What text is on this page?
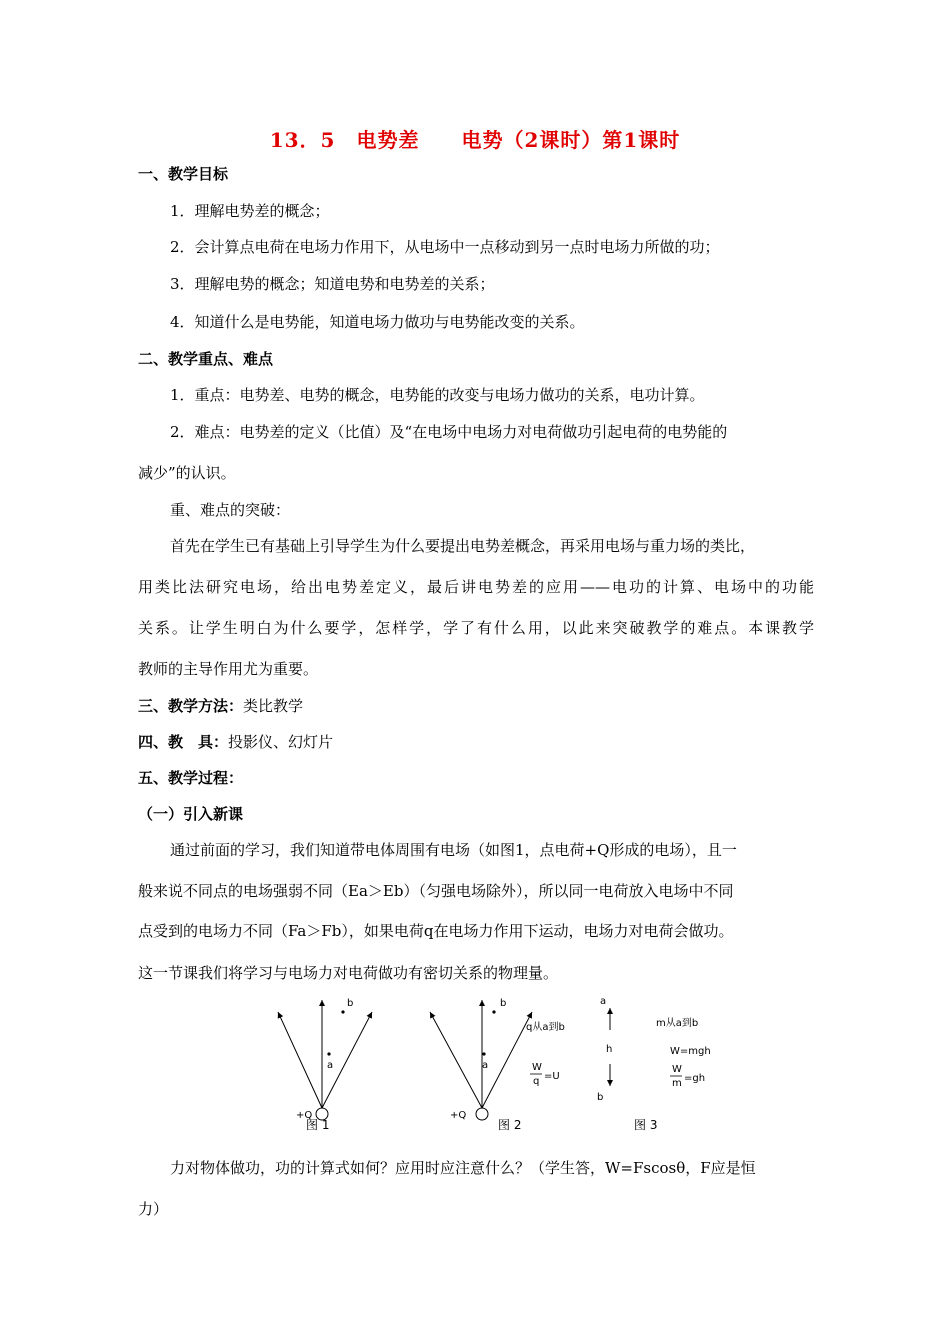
13．5　电势差　　电势（2课时）第1课时
一、教学目标
1．理解电势差的概念；
2．会计算点电荷在电场力作用下，从电场中一点移动到另一点时电场力所做的功；
3．理解电势的概念；知道电势和电势差的关系；
4．知道什么是电势能，知道电场力做功与电势能改变的关系。
二、教学重点、难点
1．重点：电势差、电势的概念，电势能的改变与电场力做功的关系，电功计算。
2．难点：电势差的定义（比值）及“在电场中电场力对电荷做功引起电荷的电势能的
减少”的认识。
重、难点的突破：
首先在学生已有基础上引导学生为什么要提出电势差概念，再采用电场与重力场的类比，
用类比法研究电场，给出电势差定义，最后讲电势差的应用——电功的计算、电场中的功能
关系。让学生明白为什么要学，怎样学，学了有什么用，以此来突破教学的难点。本课教学
教师的主导作用尤为重要。
三、教学方法：类比教学
四、教　具：投影仪、幻灯片
五、教学过程：
（一）引入新课
通过前面的学习，我们知道带电体周围有电场（如图1，点电荷+Q形成的电场），且一
般来说不同点的电场强弱不同（Ea＞Eb）（匀强电场除外），所以同一电荷放入电场中不同
点受到的电场力不同（Fa＞Fb），如果电荷q在电场力作用下运动，电场力对电荷会做功。
这一节课我们将学习与电场力对电荷做功有密切关系的物理量。
a
b
+Q
图 1
a
b
+Q
q从a到b
W
q =U
图 2
a
h
b
m从a到b
W=mgh
W
m =gh
图 3
力对物体做功，功的计算式如何？应用时应注意什么？（学生答，W=Fscosθ，F应是恒
力）
